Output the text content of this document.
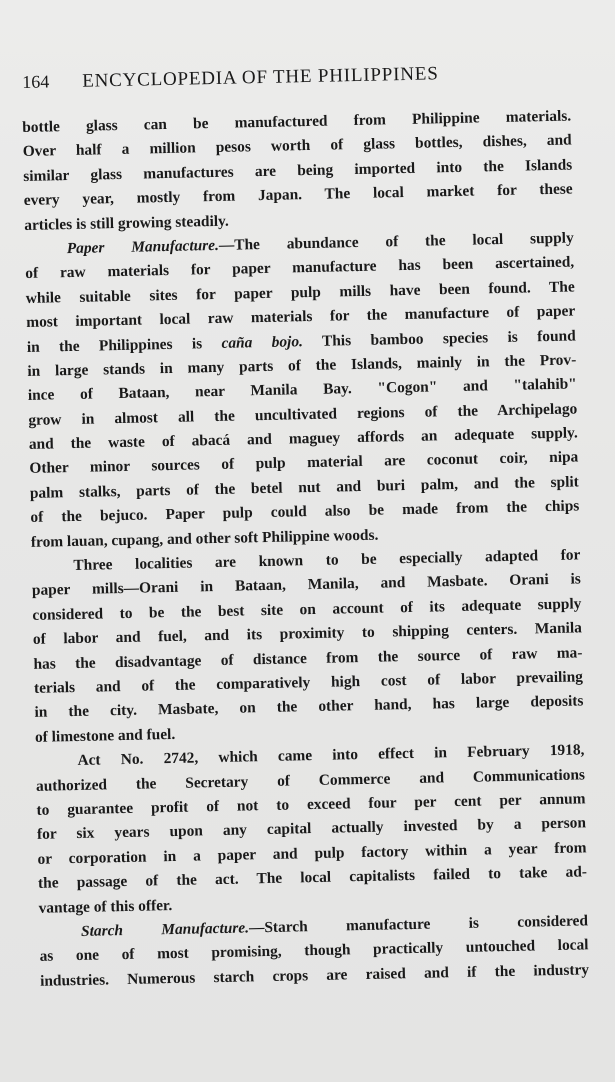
164	ENCYCLOPEDIA OF THE PHILIPPINES
bottle glass can be manufactured from Philippine materials.
Over half a million pesos worth of glass bottles, dishes, and
similar glass manufactures are being imported into the Islands
every year, mostly from Japan. The local market for these
articles is still growing steadily.
Paper Manufacture.—The abundance of the local supply
of raw materials for paper manufacture has been ascertained,
while suitable sites for paper pulp mills have been found. The
most important local raw materials for the manufacture of paper
in the Philippines is caña bojo. This bamboo species is found
in large stands in many parts of the Islands, mainly in the Prov-
ince of Bataan, near Manila Bay. "Cogon" and "talahib"
grow in almost all the uncultivated regions of the Archipelago
and the waste of abacá and maguey affords an adequate supply.
Other minor sources of pulp material are coconut coir, nipa
palm stalks, parts of the betel nut and buri palm, and the split
of the bejuco. Paper pulp could also be made from the chips
from lauan, cupang, and other soft Philippine woods.
Three localities are known to be especially adapted for
paper mills—Orani in Bataan, Manila, and Masbate. Orani is
considered to be the best site on account of its adequate supply
of labor and fuel, and its proximity to shipping centers. Manila
has the disadvantage of distance from the source of raw ma-
terials and of the comparatively high cost of labor prevailing
in the city. Masbate, on the other hand, has large deposits
of limestone and fuel.
Act No. 2742, which came into effect in February 1918,
authorized the Secretary of Commerce and Communications
to guarantee profit of not to exceed four per cent per annum
for six years upon any capital actually invested by a person
or corporation in a paper and pulp factory within a year from
the passage of the act. The local capitalists failed to take ad-
vantage of this offer.
Starch Manufacture.—Starch manufacture is considered
as one of most promising, though practically untouched local
industries. Numerous starch crops are raised and if the industry
